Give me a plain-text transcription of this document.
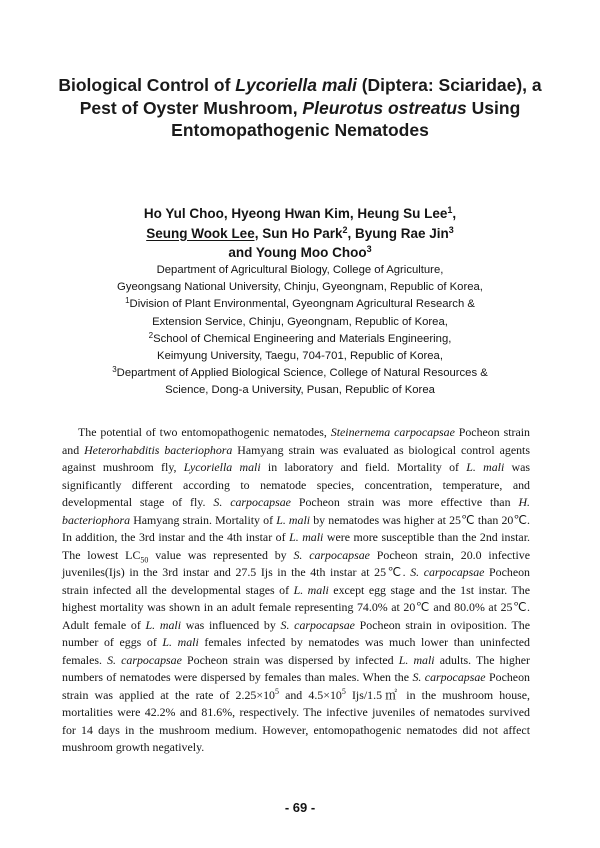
Biological Control of Lycoriella mali (Diptera: Sciaridae), a Pest of Oyster Mushroom, Pleurotus ostreatus Using Entomopathogenic Nematodes
Ho Yul Choo, Hyeong Hwan Kim, Heung Su Lee$^1$,
Seung Wook Lee, Sun Ho Park$^2$, Byung Rae Jin$^3$
and Young Moo Choo$^3$
Department of Agricultural Biology, College of Agriculture,
Gyeongsang National University, Chinju, Gyeongnam, Republic of Korea,
$^1$Division of Plant Environmental, Gyeongnam Agricultural Research &
Extension Service, Chinju, Gyeongnam, Republic of Korea,
$^2$School of Chemical Engineering and Materials Engineering,
Keimyung University, Taegu, 704-701, Republic of Korea,
$^3$Department of Applied Biological Science, College of Natural Resources &
Science, Dong-a University, Pusan, Republic of Korea

The potential of two entomopathogenic nematodes, Steinernema carpocapsae Pocheon strain and Heterorhabditis bacteriophora Hamyang strain was evaluated as biological control agents against mushroom fly, Lycoriella mali in laboratory and field. Mortality of L. mali was significantly different according to nematode species, concentration, temperature, and developmental stage of fly. S. carpocapsae Pocheon strain was more effective than H. bacteriophora Hamyang strain. Mortality of L. mali by nematodes was higher at 25℃ than 20℃. In addition, the 3rd instar and the 4th instar of L. mali were more susceptible than the 2nd instar. The lowest $LC_{50}$ value was represented by S. carpocapsae Pocheon strain, 20.0 infective juveniles(Ijs) in the 3rd instar and 27.5 Ijs in the 4th instar at 25℃. S. carpocapsae Pocheon strain infected all the developmental stages of L. mali except egg stage and the 1st instar. The highest mortality was shown in an adult female representing 74.0% at 20℃ and 80.0% at 25℃. Adult female of L. mali was influenced by S. carpocapsae Pocheon strain in oviposition. The number of eggs of L. mali females infected by nematodes was much lower than uninfected females. S. carpocapsae Pocheon strain was dispersed by infected L. mali adults. The higher numbers of nematodes were dispersed by females than males. When the S. carpocapsae Pocheon strain was applied at the rate of $2.25\times 10^5$ and $4.5\times 10^5$ Ijs/1.5㎡ in the mushroom house, mortalities were 42.2% and 81.6%, respectively. The infective juveniles of nematodes survived for 14 days in the mushroom medium. However, entomopathogenic nematodes did not affect mushroom growth negatively.

- 69 -
